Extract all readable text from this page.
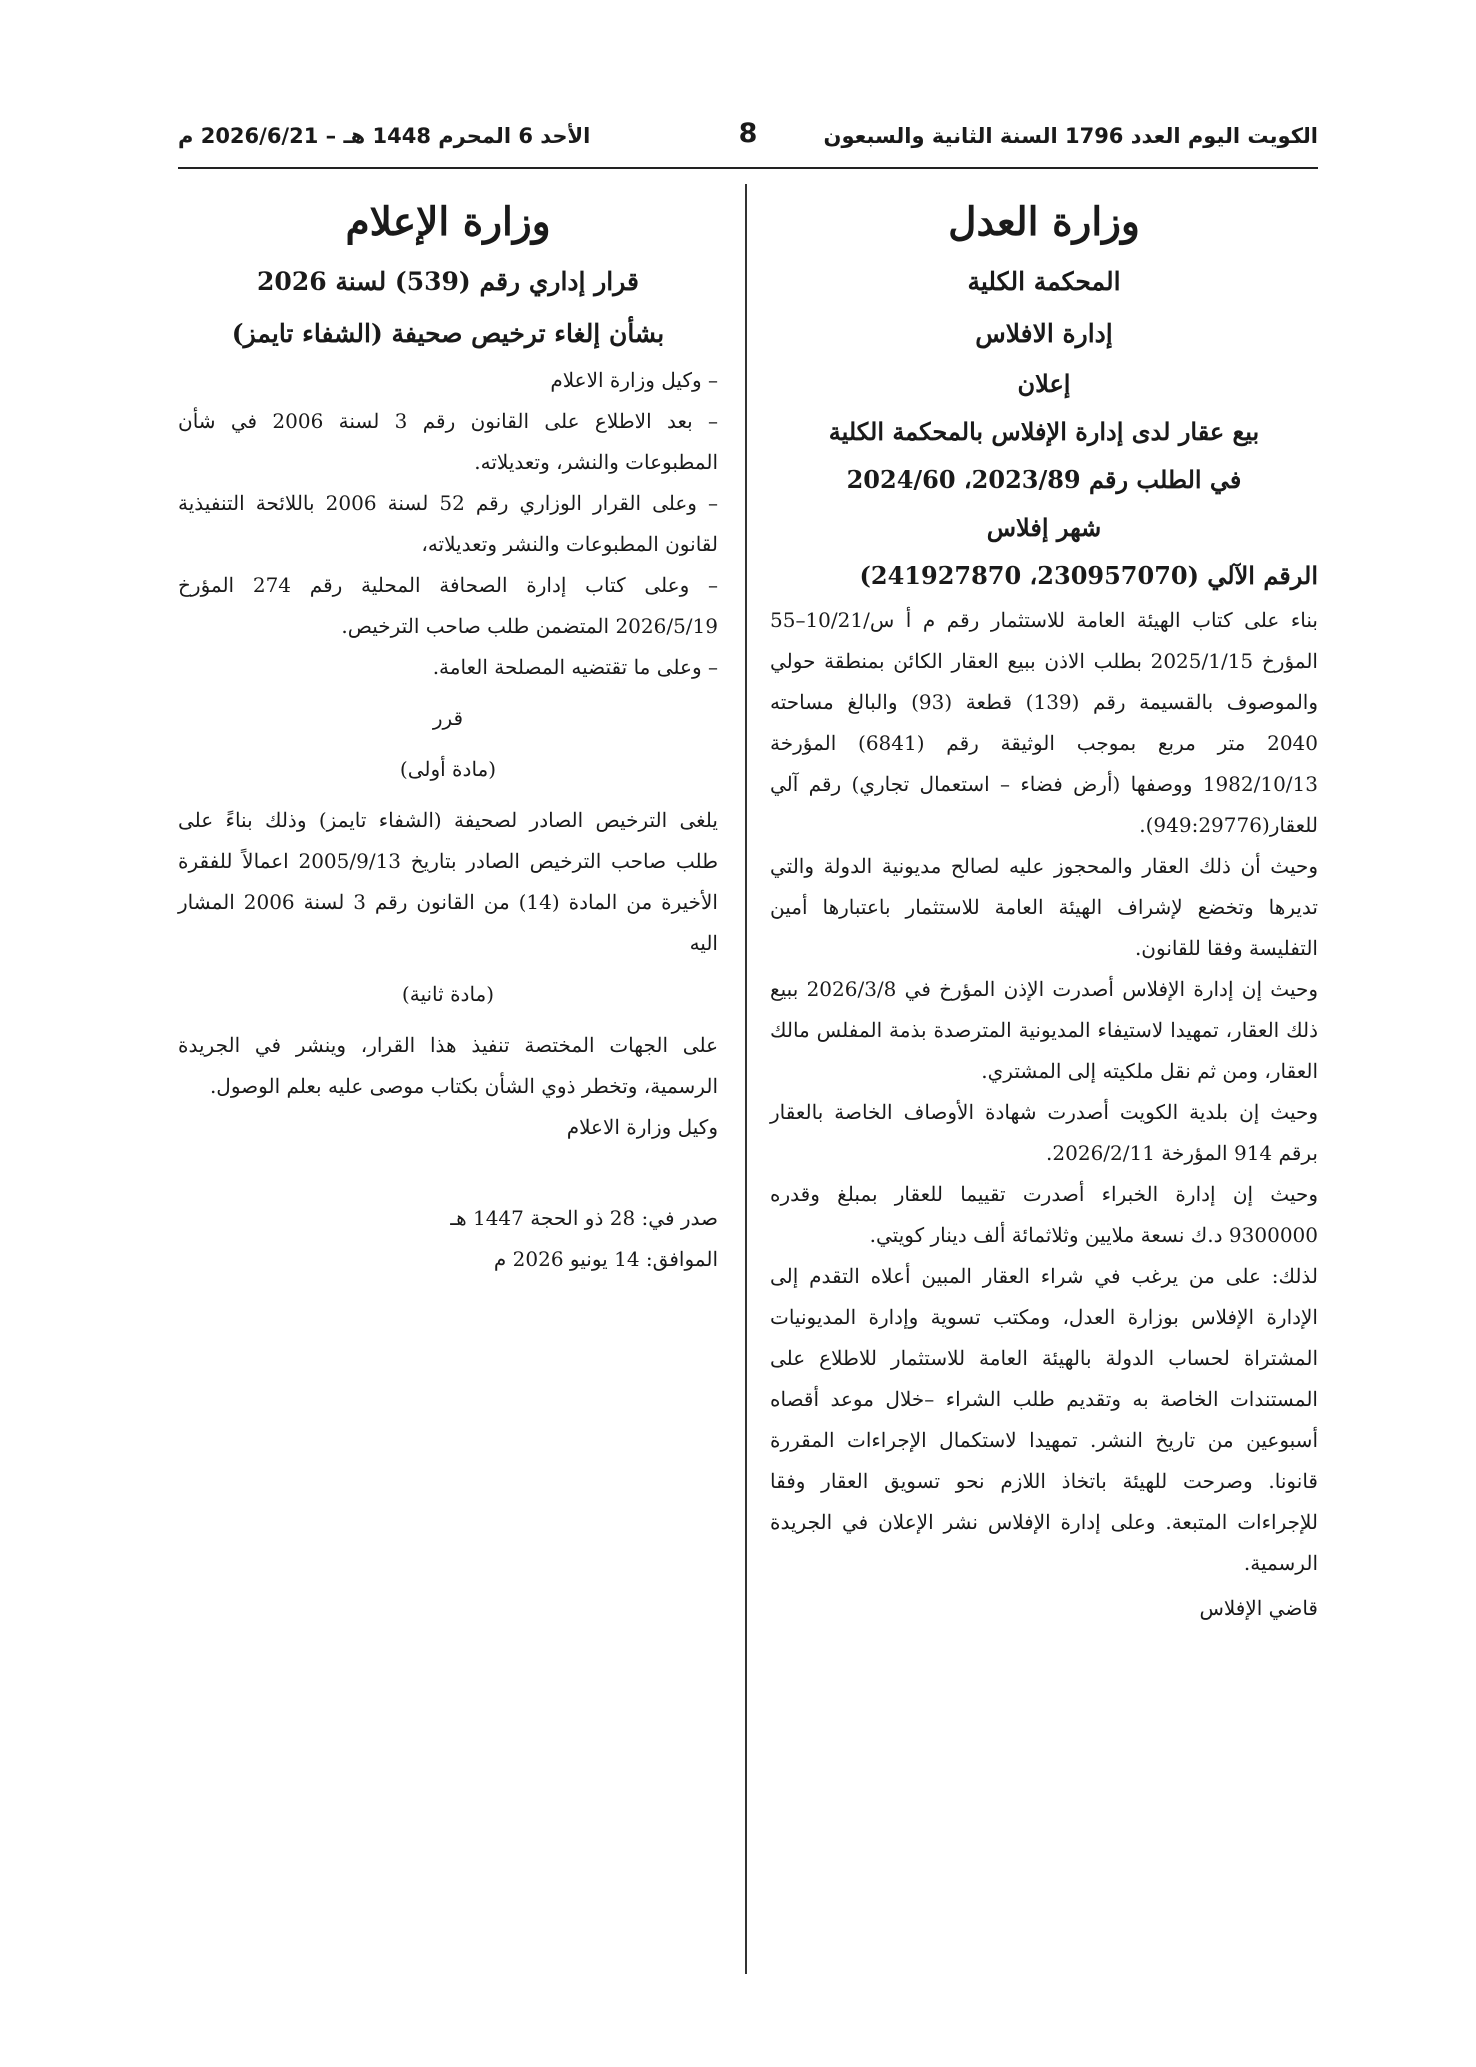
الكويت اليوم العدد 1796 السنة الثانية والسبعون
8
الأحد 6 المحرم 1448 هـ – 2026/6/21 م
وزارة العدل
المحكمة الكلية
إدارة الافلاس
إعلان
بيع عقار لدى إدارة الإفلاس بالمحكمة الكلية
في الطلب رقم 2023/89، 2024/60
شهر إفلاس
الرقم الآلي (230957070، 241927870)

بناء على كتاب الهيئة العامة للاستثمار رقم م أ س/10/21–55 المؤرخ 2025/1/15 بطلب الاذن ببيع العقار الكائن بمنطقة حولي والموصوف بالقسيمة رقم (139) قطعة (93) والبالغ مساحته 2040 متر مربع بموجب الوثيقة رقم (6841) المؤرخة 1982/10/13 ووصفها (أرض فضاء – استعمال تجاري) رقم آلي للعقار(949:29776).

وحيث أن ذلك العقار والمحجوز عليه لصالح مديونية الدولة والتي تديرها وتخضع لإشراف الهيئة العامة للاستثمار باعتبارها أمين التفليسة وفقا للقانون.

وحيث إن إدارة الإفلاس أصدرت الإذن المؤرخ في 2026/3/8 ببيع ذلك العقار، تمهيدا لاستيفاء المديونية المترصدة بذمة المفلس مالك العقار، ومن ثم نقل ملكيته إلى المشتري.

وحيث إن بلدية الكويت أصدرت شهادة الأوصاف الخاصة بالعقار برقم 914 المؤرخة 2026/2/11.

وحيث إن إدارة الخبراء أصدرت تقييما للعقار بمبلغ وقدره 9300000 د.ك نسعة ملايين وثلاثمائة ألف دينار كويتي.

لذلك: على من يرغب في شراء العقار المبين أعلاه التقدم إلى الإدارة الإفلاس بوزارة العدل، ومكتب تسوية وإدارة المديونيات المشتراة لحساب الدولة بالهيئة العامة للاستثمار للاطلاع على المستندات الخاصة به وتقديم طلب الشراء –خلال موعد أقصاه أسبوعين من تاريخ النشر. تمهيدا لاستكمال الإجراءات المقررة قانونا. وصرحت للهيئة باتخاذ اللازم نحو تسويق العقار وفقا للإجراءات المتبعة. وعلى إدارة الإفلاس نشر الإعلان في الجريدة الرسمية.

قاضي الإفلاس

وزارة الإعلام
قرار إداري رقم (539) لسنة 2026
بشأن إلغاء ترخيص صحيفة (الشفاء تايمز)

– وكيل وزارة الاعلام

– بعد الاطلاع على القانون رقم 3 لسنة 2006 في شأن المطبوعات والنشر، وتعديلاته.

– وعلى القرار الوزاري رقم 52 لسنة 2006 باللائحة التنفيذية لقانون المطبوعات والنشر وتعديلاته،

– وعلى كتاب إدارة الصحافة المحلية رقم 274 المؤرخ 2026/5/19 المتضمن طلب صاحب الترخيص.

– وعلى ما تقتضيه المصلحة العامة.

قرر
(مادة أولى)

يلغى الترخيص الصادر لصحيفة (الشفاء تايمز) وذلك بناءً على طلب صاحب الترخيص الصادر بتاريخ 2005/9/13 اعمالاً للفقرة الأخيرة من المادة (14) من القانون رقم 3 لسنة 2006 المشار اليه

(مادة ثانية)

على الجهات المختصة تنفيذ هذا القرار، وينشر في الجريدة الرسمية، وتخطر ذوي الشأن بكتاب موصى عليه بعلم الوصول.

وكيل وزارة الاعلام

صدر في: 28 ذو الحجة 1447 هـ

الموافق: 14 يونيو 2026 م
